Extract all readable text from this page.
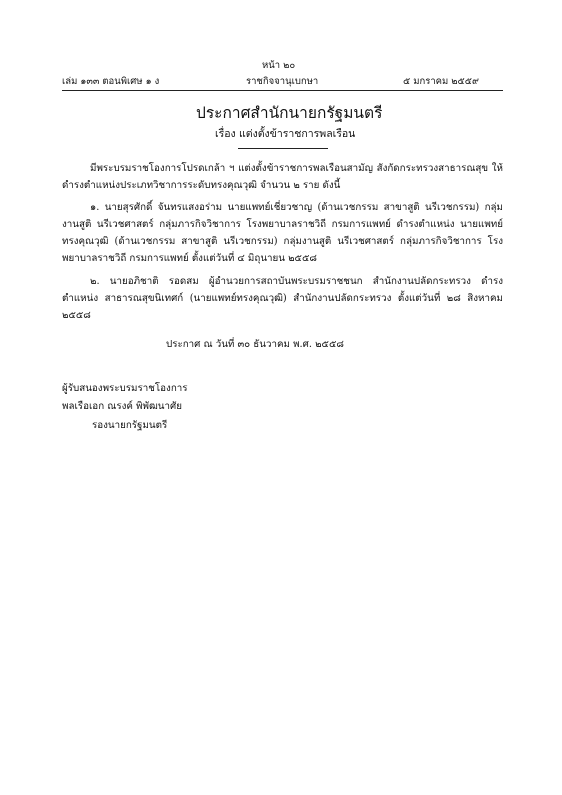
หน้า ๒๐
เล่ม ๑๓๓ ตอนพิเศษ ๑ ง	ราชกิจจานุเบกษา	๕ มกราคม ๒๕๕๙
ประกาศสำนักนายกรัฐมนตรี
เรื่อง แต่งตั้งข้าราชการพลเรือน
มีพระบรมราชโองการโปรดเกล้า ฯ แต่งตั้งข้าราชการพลเรือนสามัญ สังกัดกระทรวงสาธารณสุข ให้ดำรงตำแหน่งประเภทวิชาการระดับทรงคุณวุฒิ จำนวน ๒ ราย ดังนี้
๑. นายสุรศักดิ์ จันทรแสงอร่าม นายแพทย์เชี่ยวชาญ (ด้านเวชกรรม สาขาสูติ นรีเวชกรรม) กลุ่มงานสูติ นรีเวชศาสตร์ กลุ่มภารกิจวิชาการ โรงพยาบาลราชวิถี กรมการแพทย์ ดำรงตำแหน่ง นายแพทย์ทรงคุณวุฒิ (ด้านเวชกรรม สาขาสูติ นรีเวชกรรม) กลุ่มงานสูติ นรีเวชศาสตร์ กลุ่มภารกิจวิชาการ โรงพยาบาลราชวิถี กรมการแพทย์ ตั้งแต่วันที่ ๔ มิถุนายน ๒๕๕๘
๒. นายอภิชาติ รอดสม ผู้อำนวยการสถาบันพระบรมราชชนก สำนักงานปลัดกระทรวง ดำรงตำแหน่ง สาธารณสุขนิเทศก์ (นายแพทย์ทรงคุณวุฒิ) สำนักงานปลัดกระทรวง ตั้งแต่วันที่ ๒๘ สิงหาคม ๒๕๕๘
ประกาศ ณ วันที่ ๓๐ ธันวาคม พ.ศ. ๒๕๕๘
ผู้รับสนองพระบรมราชโองการ
พลเรือเอก ณรงค์ พิพัฒนาศัย
รองนายกรัฐมนตรี
